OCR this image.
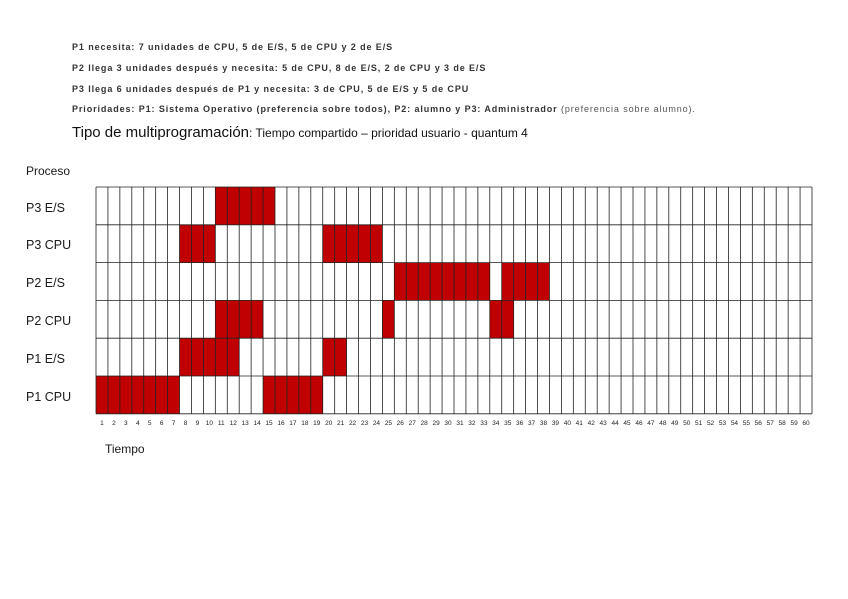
P1 necesita: 7 unidades de CPU, 5 de E/S, 5 de CPU y 2 de E/S
P2 llega 3 unidades después y necesita: 5 de CPU, 8 de E/S, 2 de CPU y 3 de E/S
P3 llega 6 unidades después de P1 y necesita: 3 de CPU, 5 de E/S y 5 de CPU
Prioridades: P1: Sistema Operativo (preferencia sobre todos), P2: alumno y P3: Administrador (preferencia sobre alumno).
Tipo de multiprogramación: Tiempo compartido – prioridad usuario - quantum 4
Proceso
P3 E/S
P3 CPU
P2 E/S
P2 CPU
P1 E/S
P1 CPU
1 2 3 4 5 6 7 8 9 10 11 12 13 14 15 16 17 18 19 20 21 22 23 24 25 26 27 28 29 30 31 32 33 34 35 36 37 38 39 40 41 42 43 44 45 46 47 48 49 50 51 52 53 54 55 56 57 58 59 60
Tiempo
